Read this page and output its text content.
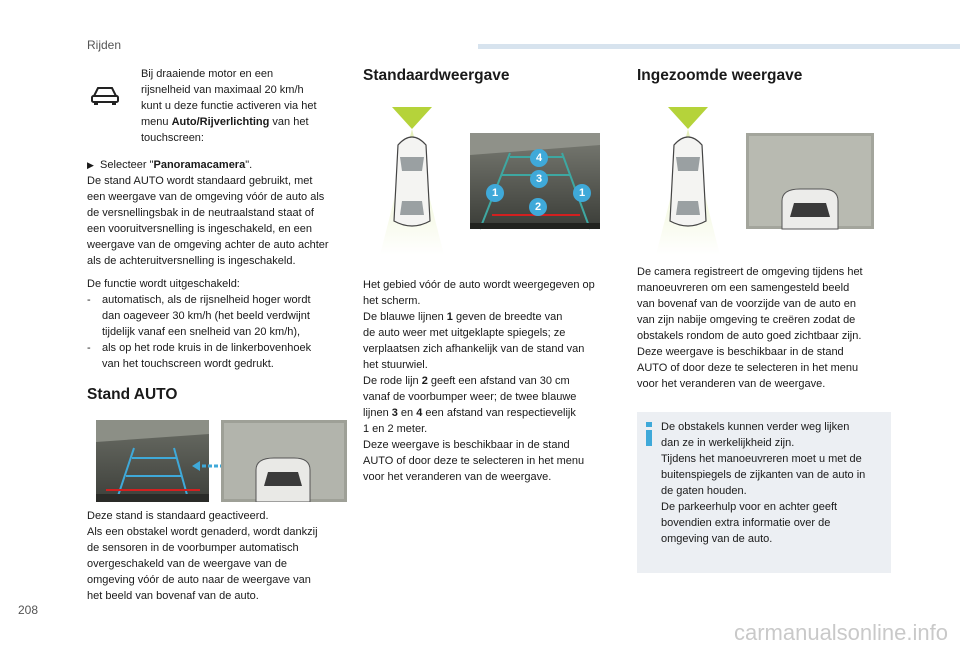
Rijden

Bij draaiende motor en een

rijsnelheid van maximaal 20 km/h

kunt u deze functie activeren via het

menu Auto/Rijverlichting van het

touchscreen:

▶ Selecteer "Panoramacamera".

De stand AUTO wordt standaard gebruikt, met

een weergave van de omgeving vóór de auto als

de versnellingsbak in de neutraalstand staat of

een vooruitversnelling is ingeschakeld, en een

weergave van de omgeving achter de auto achter

als de achteruitversnelling is ingeschakeld.

De functie wordt uitgeschakeld:

- automatisch, als de rijsnelheid hoger wordt
dan oageveer 30 km/h (het beeld verdwijnt
tijdelijk vanaf een snelheid van 20 km/h),
- als op het rode kruis in de linkerbovenhoek
van het touchscreen wordt gedrukt.
Stand AUTO

Deze stand is standaard geactiveerd.

Als een obstakel wordt genaderd, wordt dankzij

de sensoren in de voorbumper automatisch

overgeschakeld van de weergave van de

omgeving vóór de auto naar de weergave van

het beeld van bovenaf van de auto.

Standaardweergave
4
3
1
2
1

Het gebied vóór de auto wordt weergegeven op

het scherm.

De blauwe lijnen 1 geven de breedte van

de auto weer met uitgeklapte spiegels; ze

verplaatsen zich afhankelijk van de stand van

het stuurwiel.

De rode lijn 2 geeft een afstand van 30 cm

vanaf de voorbumper weer; de twee blauwe

lijnen 3 en 4 een afstand van respectievelijk

1 en 2 meter.

Deze weergave is beschikbaar in de stand

AUTO of door deze te selecteren in het menu

voor het veranderen van de weergave.

Ingezoomde weergave

De camera registreert de omgeving tijdens het

manoeuvreren om een samengesteld beeld

van bovenaf van de voorzijde van de auto en

van zijn nabije omgeving te creëren zodat de

obstakels rondom de auto goed zichtbaar zijn.

Deze weergave is beschikbaar in de stand

AUTO of door deze te selecteren in het menu

voor het veranderen van de weergave.

De obstakels kunnen verder weg lijken

dan ze in werkelijkheid zijn.

Tijdens het manoeuvreren moet u met de

buitenspiegels de zijkanten van de auto in

de gaten houden.

De parkeerhulp voor en achter geeft

bovendien extra informatie over de

omgeving van de auto.

208
carmanualsonline.info
